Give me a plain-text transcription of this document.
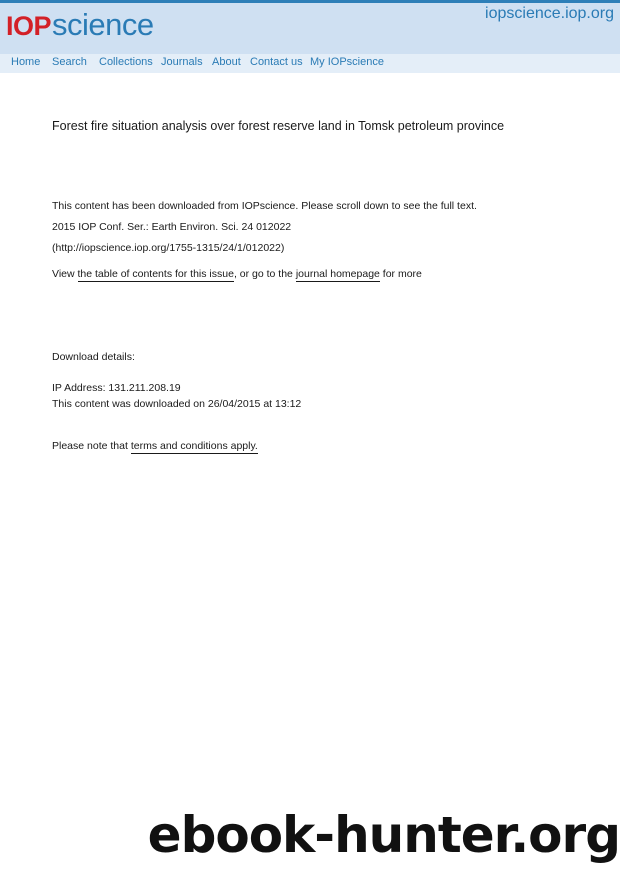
IOPscience	iopscience.iop.org
Home Search Collections Journals About Contact us My IOPscience
Forest fire situation analysis over forest reserve land in Tomsk petroleum province
This content has been downloaded from IOPscience. Please scroll down to see the full text.
2015 IOP Conf. Ser.: Earth Environ. Sci. 24 012022
(http://iopscience.iop.org/1755-1315/24/1/012022)
View the table of contents for this issue, or go to the journal homepage for more
Download details:
IP Address: 131.211.208.19
This content was downloaded on 26/04/2015 at 13:12
Please note that terms and conditions apply.
ebook-hunter.org
